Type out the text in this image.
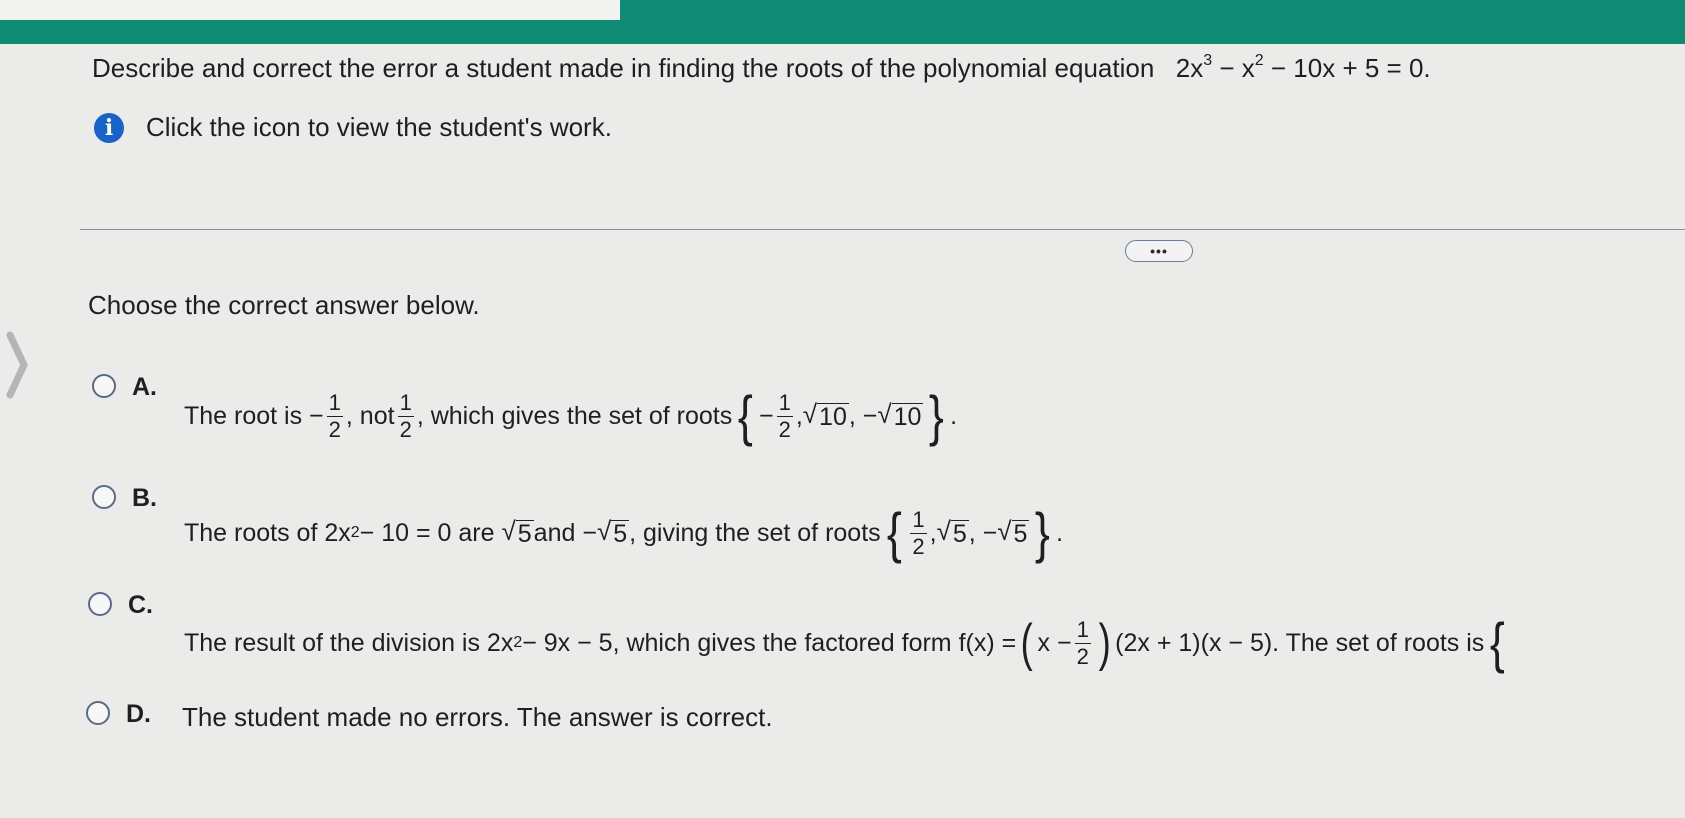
Describe and correct the error a student made in finding the roots of the polynomial equation $2x^3 - x^2 - 10x + 5 = 0$.
i	Click the icon to view the student's work.
•••
Choose the correct answer below.
A.
The root is − $\frac{1}{2}$ , not $\frac{1}{2}$ , which gives the set of roots { − $\frac{1}{2}$ , √ 10 , − √ 10 } .
B.
The roots of 2x 2 − 10 = 0 are √ 5 and − √ 5 , giving the set of roots { $\frac{1}{2}$ , √ 5 , − √ 5 } .
C.
The result of the division is 2x 2 − 9x − 5, which gives the factored form f(x) = ( $x - \frac{1}{2}$ ) (2x + 1)(x − 5). The set of roots is {
D. The student made no errors. The answer is correct.
